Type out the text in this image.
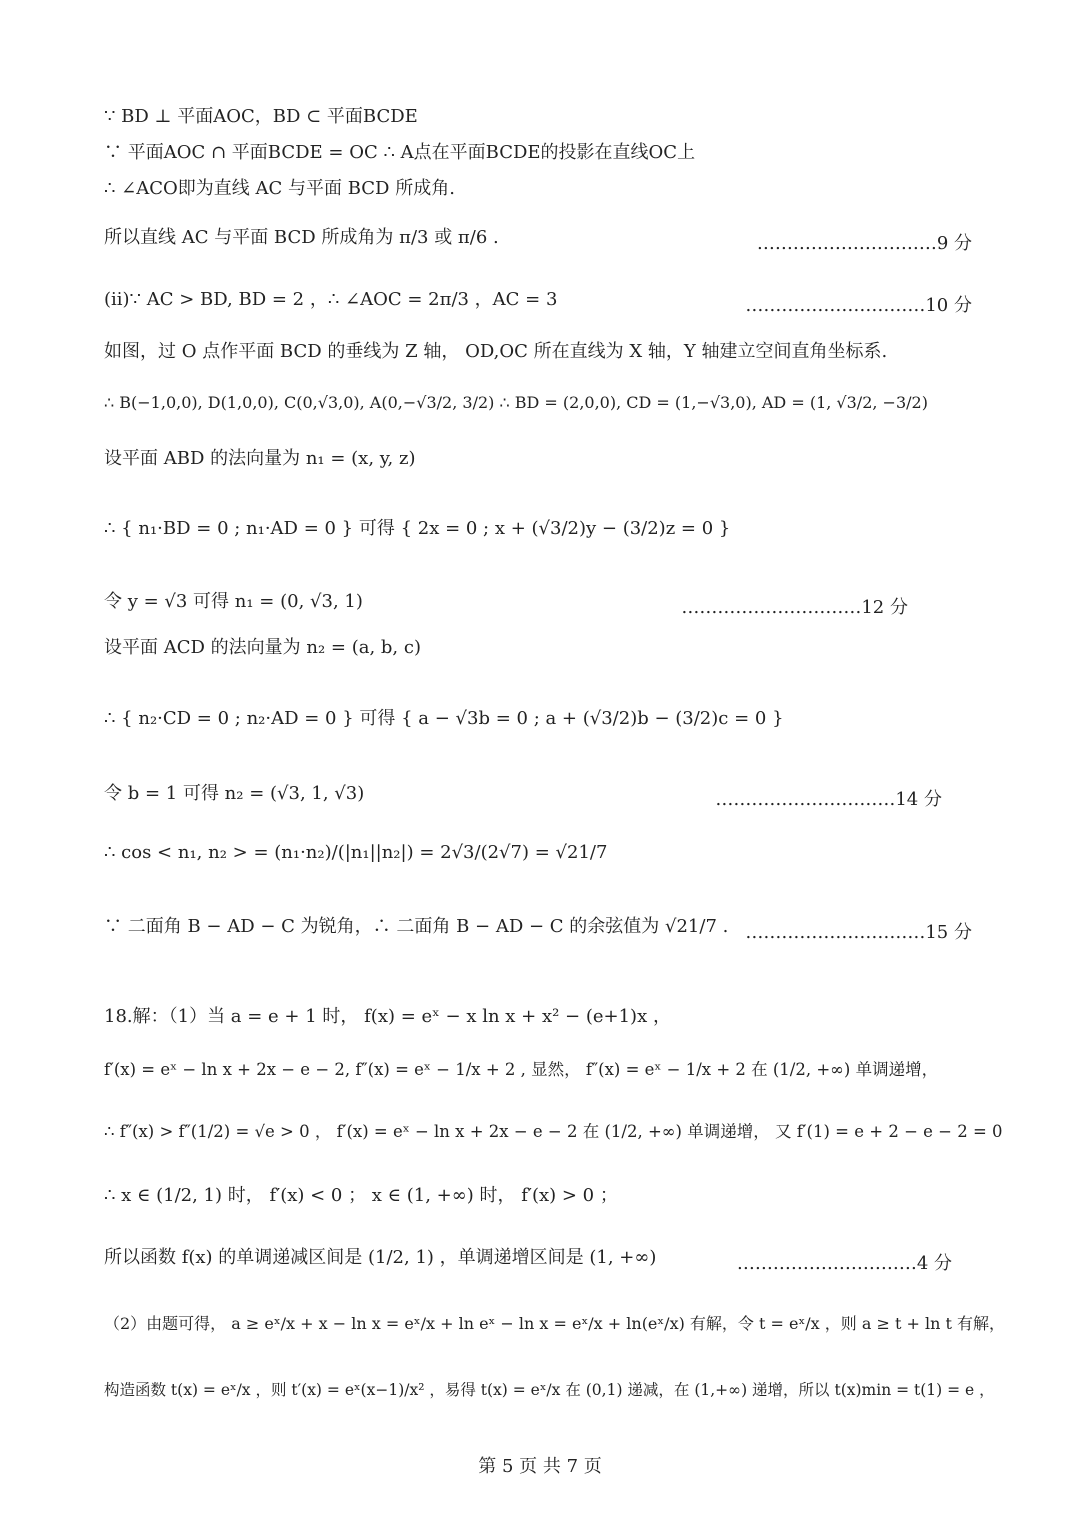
∵ BD ⊥ 平面AOC，BD ⊂ 平面BCDE
∵ 平面AOC ∩ 平面BCDE = OC ∴ A点在平面BCDE的投影在直线OC上
∴ ∠ACO即为直线 AC 与平面 BCD 所成角.
所以直线 AC 与平面 BCD 所成角为 π/3 或 π/6 .
(ii)∵ AC > BD, BD = 2 ，∴ ∠AOC = 2π/3 ，AC = 3
如图，过 O 点作平面 BCD 的垂线为 Z 轴， OD,OC 所在直线为 X 轴，Y 轴建立空间直角坐标系.
∴ B(−1,0,0), D(1,0,0), C(0,√3,0), A(0,−√3/2, 3/2) ∴ BD = (2,0,0), CD = (1,−√3,0), AD = (1, √3/2, −3/2)
设平面 ABD 的法向量为 n₁ = (x, y, z)
∴ { n₁·BD = 0 ; n₁·AD = 0 } 可得 { 2x = 0 ; x + (√3/2)y − (3/2)z = 0 }
令 y = √3 可得 n₁ = (0, √3, 1)
设平面 ACD 的法向量为 n₂ = (a, b, c)
∴ { n₂·CD = 0 ; n₂·AD = 0 } 可得 { a − √3b = 0 ; a + (√3/2)b − (3/2)c = 0 }
令 b = 1 可得 n₂ = (√3, 1, √3)
∴ cos < n₁, n₂ > = (n₁·n₂)/(|n₁||n₂|) = 2√3/(2√7) = √21/7
∵ 二面角 B − AD − C 为锐角，∴ 二面角 B − AD − C 的余弦值为 √21/7 .
18.解：（1）当 a = e + 1 时， f(x) = eˣ − x ln x + x² − (e+1)x ，
f′(x) = eˣ − ln x + 2x − e − 2, f″(x) = eˣ − 1/x + 2 , 显然， f″(x) = eˣ − 1/x + 2 在 (1/2, +∞) 单调递增，
∴ f″(x) > f″(1/2) = √e > 0 ， f′(x) = eˣ − ln x + 2x − e − 2 在 (1/2, +∞) 单调递增， 又 f′(1) = e + 2 − e − 2 = 0
∴ x ∈ (1/2, 1) 时， f′(x) < 0 ； x ∈ (1, +∞) 时， f′(x) > 0 ；
所以函数 f(x) 的单调递减区间是 (1/2, 1) ，单调递增区间是 (1, +∞)
（2）由题可得， a ≥ eˣ/x + x − ln x = eˣ/x + ln eˣ − ln x = eˣ/x + ln(eˣ/x) 有解，令 t = eˣ/x ，则 a ≥ t + ln t 有解，
构造函数 t(x) = eˣ/x ，则 t′(x) = eˣ(x−1)/x² ，易得 t(x) = eˣ/x 在 (0,1) 递减，在 (1,+∞) 递增，所以 t(x)min = t(1) = e ，
…………………………9 分
…………………………10 分
…………………………12 分
…………………………14 分
…………………………15 分
…………………………4 分
第 5 页 共 7 页
